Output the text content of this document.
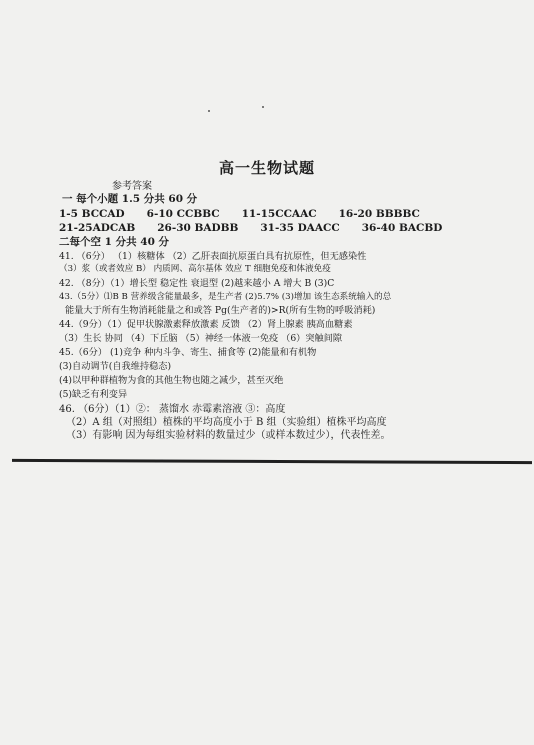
高一生物试题
参考答案
一 每个小题 1.5 分共 60 分
1-5 BCCAD 6-10 CCBBC 11-15CCAAC 16-20 BBBBC
21-25ADCAB 26-30 BADBB 31-35 DAACC 36-40 BACBD
二每个空 1 分共 40 分
41. （6分） （1）核糖体 （2）乙肝表面抗原蛋白具有抗原性，但无感染性
（3）浆（或者效应 B） 内质网、高尔基体 效应 T 细胞免疫和体液免疫
42. （8分）（1）增长型 稳定性 衰退型 (2)越来越小 A 增大 B (3)C
43.（5分）⑴B B 营养级含能量最多，是生产者 (2)5.7% (3)增加 该生态系统输入的总
能量大于所有生物消耗能量之和或答 Pg(生产者的)>R(所有生物的呼吸消耗)
44.（9分）（1）促甲状腺激素释放激素 反馈 （2）肾上腺素 胰高血糖素
（3）生长 协同 （4）下丘脑 （5）神经一体液一免疫 （6）突触间隙
45.（6分） (1)竞争 种内斗争、寄生、捕食等 (2)能量和有机物
(3)自动调节(自我维持稳态)
(4)以甲种群植物为食的其他生物也随之减少，甚至灭绝
(5)缺乏有利变异
46. （6分）（1）②： 蒸馏水 赤霉素溶液 ③：高度
（2）A 组（对照组）植株的平均高度小于 B 组（实验组）植株平均高度
（3）有影响 因为每组实验材料的数量过少（或样本数过少），代表性差。
